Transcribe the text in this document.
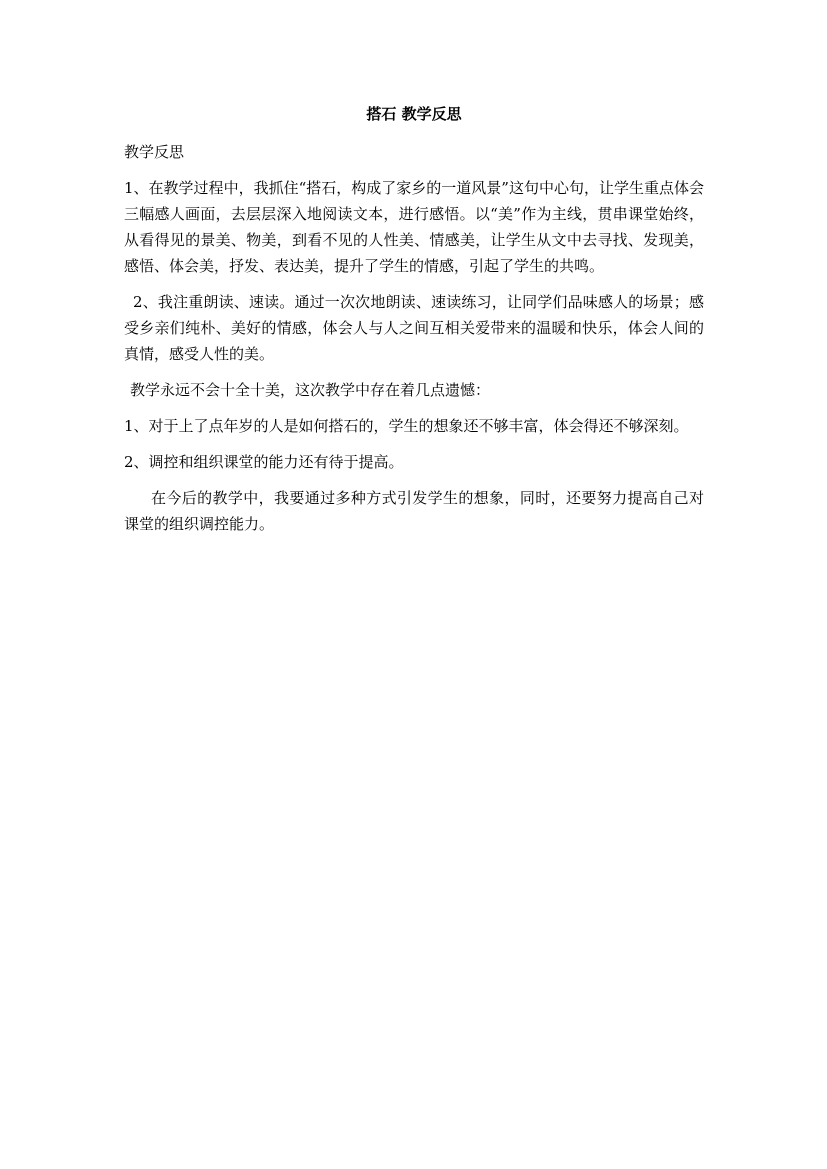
搭石 教学反思
教学反思

1、在教学过程中，我抓住“搭石，构成了家乡的一道风景”这句中心句，让学生重点体会三幅感人画面，去层层深入地阅读文本，进行感悟。以“美”作为主线，贯串课堂始终，从看得见的景美、物美，到看不见的人性美、情感美，让学生从文中去寻找、发现美，感悟、体会美，抒发、表达美，提升了学生的情感，引起了学生的共鸣。

2、我注重朗读、速读。通过一次次地朗读、速读练习，让同学们品味感人的场景；感受乡亲们纯朴、美好的情感，体会人与人之间互相关爱带来的温暖和快乐，体会人间的真情，感受人性的美。

教学永远不会十全十美，这次教学中存在着几点遗憾：

1、对于上了点年岁的人是如何搭石的，学生的想象还不够丰富，体会得还不够深刻。

2、调控和组织课堂的能力还有待于提高。

在今后的教学中，我要通过多种方式引发学生的想象，同时，还要努力提高自己对课堂的组织调控能力。
